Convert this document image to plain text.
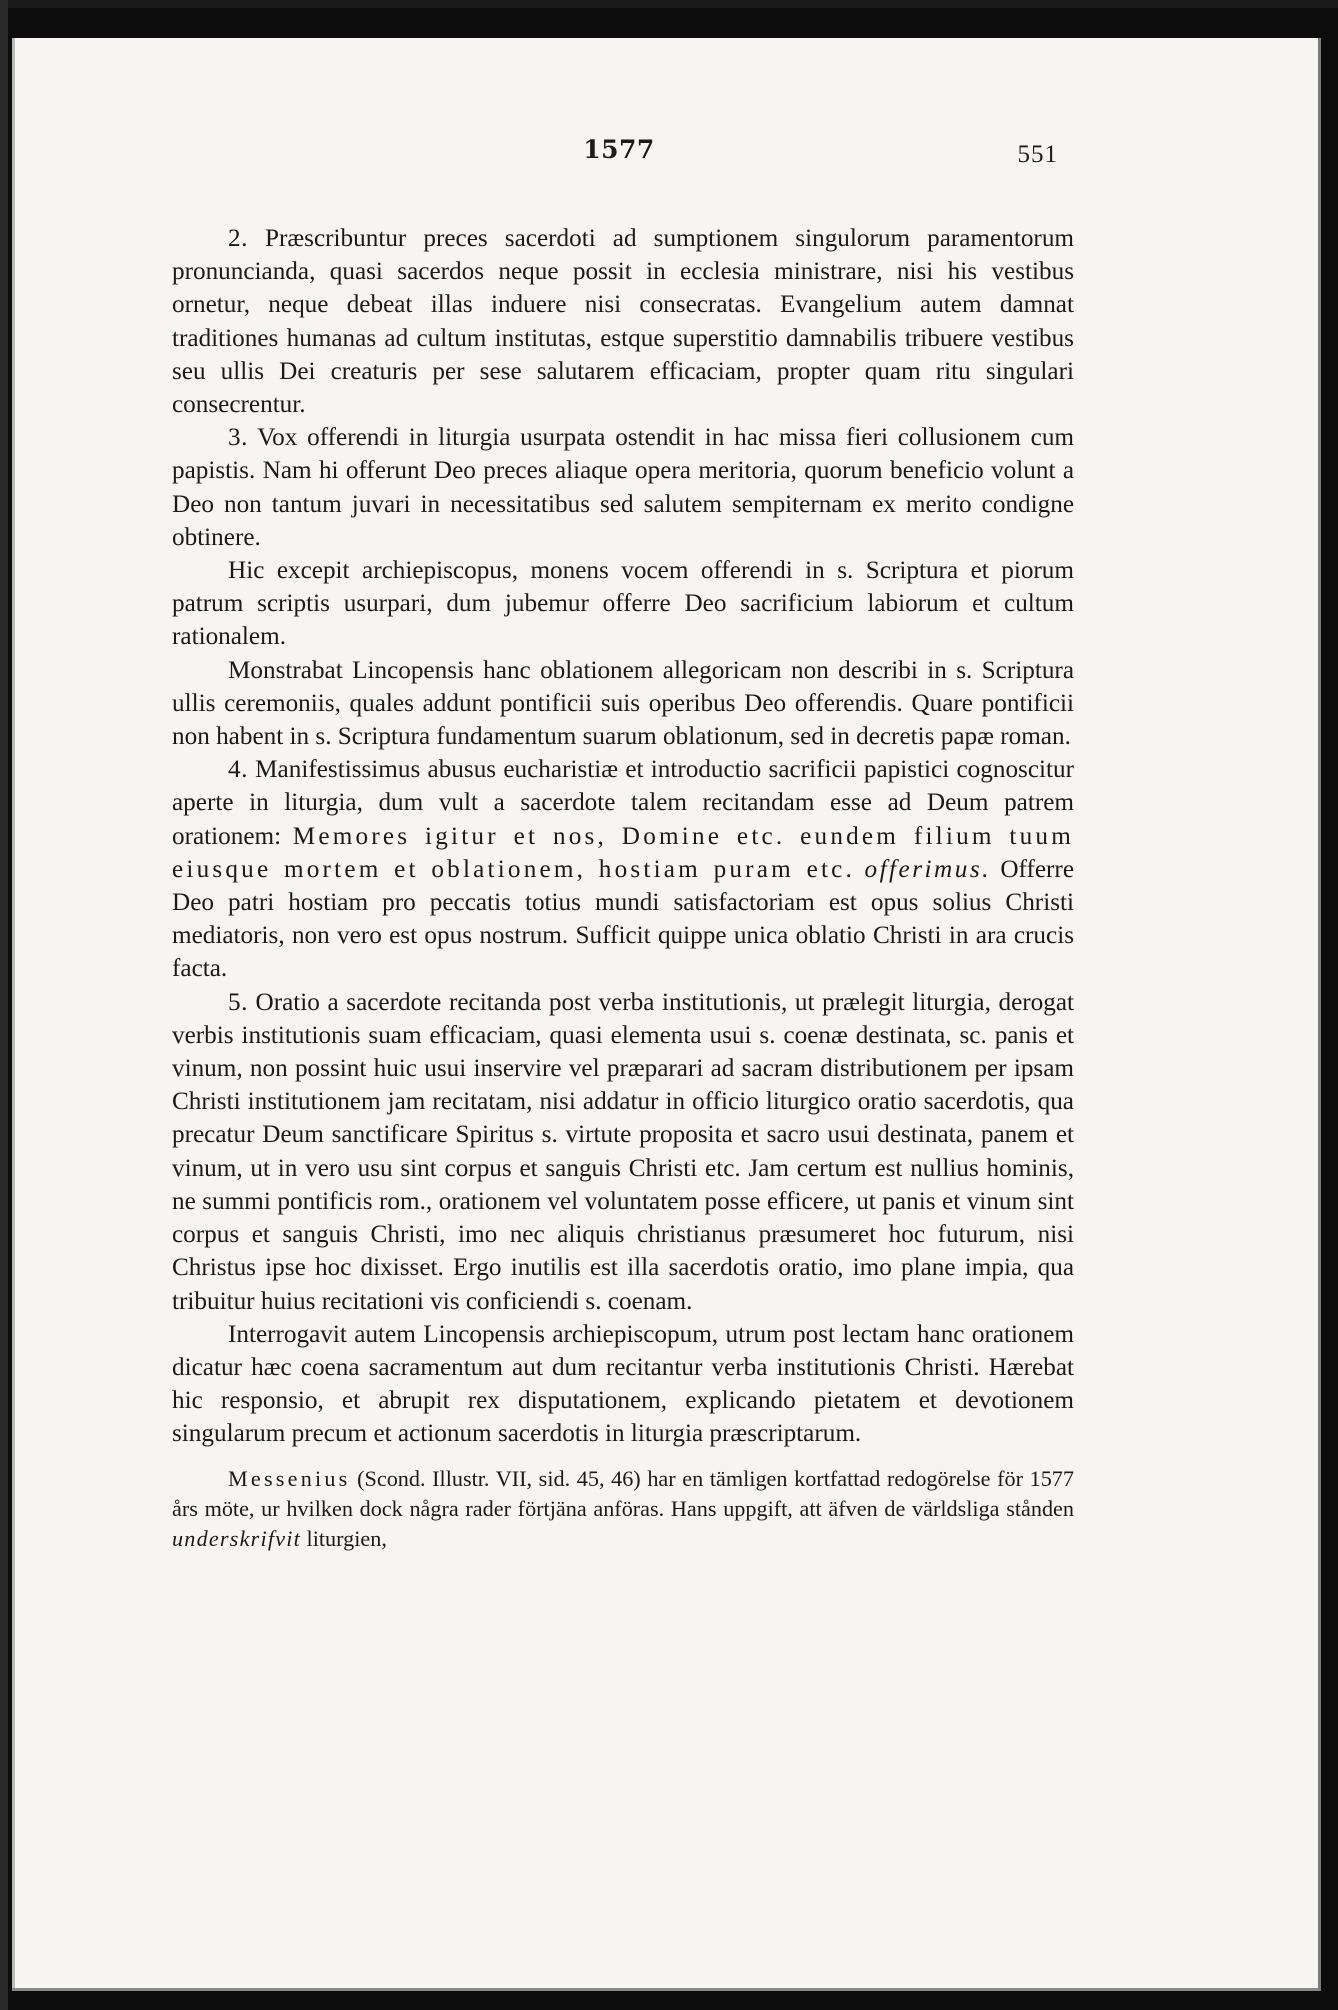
1577	551

2. Præscribuntur preces sacerdoti ad sumptionem singulorum paramentorum pronuncianda, quasi sacerdos neque possit in ecclesia ministrare, nisi his vestibus ornetur, neque debeat illas induere nisi consecratas. Evangelium autem damnat traditiones humanas ad cultum institutas, estque superstitio damnabilis tribuere vestibus seu ullis Dei creaturis per sese salutarem efficaciam, propter quam ritu singulari consecrentur.

3. Vox offerendi in liturgia usurpata ostendit in hac missa fieri collusionem cum papistis. Nam hi offerunt Deo preces aliaque opera meritoria, quorum beneficio volunt a Deo non tantum juvari in necessitatibus sed salutem sempiternam ex merito condigne obtinere.

Hic excepit archiepiscopus, monens vocem offerendi in s. Scriptura et piorum patrum scriptis usurpari, dum jubemur offerre Deo sacrificium labiorum et cultum rationalem.

Monstrabat Lincopensis hanc oblationem allegoricam non describi in s. Scriptura ullis ceremoniis, quales addunt pontificii suis operibus Deo offerendis. Quare pontificii non habent in s. Scriptura fundamentum suarum oblationum, sed in decretis papæ roman.

4. Manifestissimus abusus eucharistiæ et introductio sacrificii papistici cognoscitur aperte in liturgia, dum vult a sacerdote talem recitandam esse ad Deum patrem orationem: Memores igitur et nos, Domine etc. eundem filium tuum eiusque mortem et oblationem, hostiam puram etc. offerimus. Offerre Deo patri hostiam pro peccatis totius mundi satisfactoriam est opus solius Christi mediatoris, non vero est opus nostrum. Sufficit quippe unica oblatio Christi in ara crucis facta.

5. Oratio a sacerdote recitanda post verba institutionis, ut prælegit liturgia, derogat verbis institutionis suam efficaciam, quasi elementa usui s. coenæ destinata, sc. panis et vinum, non possint huic usui inservire vel præparari ad sacram distributionem per ipsam Christi institutionem jam recitatam, nisi addatur in officio liturgico oratio sacerdotis, qua precatur Deum sanctificare Spiritus s. virtute proposita et sacro usui destinata, panem et vinum, ut in vero usu sint corpus et sanguis Christi etc. Jam certum est nullius hominis, ne summi pontificis rom., orationem vel voluntatem posse efficere, ut panis et vinum sint corpus et sanguis Christi, imo nec aliquis christianus præsumeret hoc futurum, nisi Christus ipse hoc dixisset. Ergo inutilis est illa sacerdotis oratio, imo plane impia, qua tribuitur huius recitationi vis conficiendi s. coenam.

Interrogavit autem Lincopensis archiepiscopum, utrum post lectam hanc orationem dicatur hæc coena sacramentum aut dum recitantur verba institutionis Christi. Hærebat hic responsio, et abrupit rex disputationem, explicando pietatem et devotionem singularum precum et actionum sacerdotis in liturgia præscriptarum.

Messenius (Scond. Illustr. VII, sid. 45, 46) har en tämligen kortfattad redogörelse för 1577 års möte, ur hvilken dock några rader förtjäna anföras. Hans uppgift, att äfven de världsliga stånden underskrifvit liturgien,
